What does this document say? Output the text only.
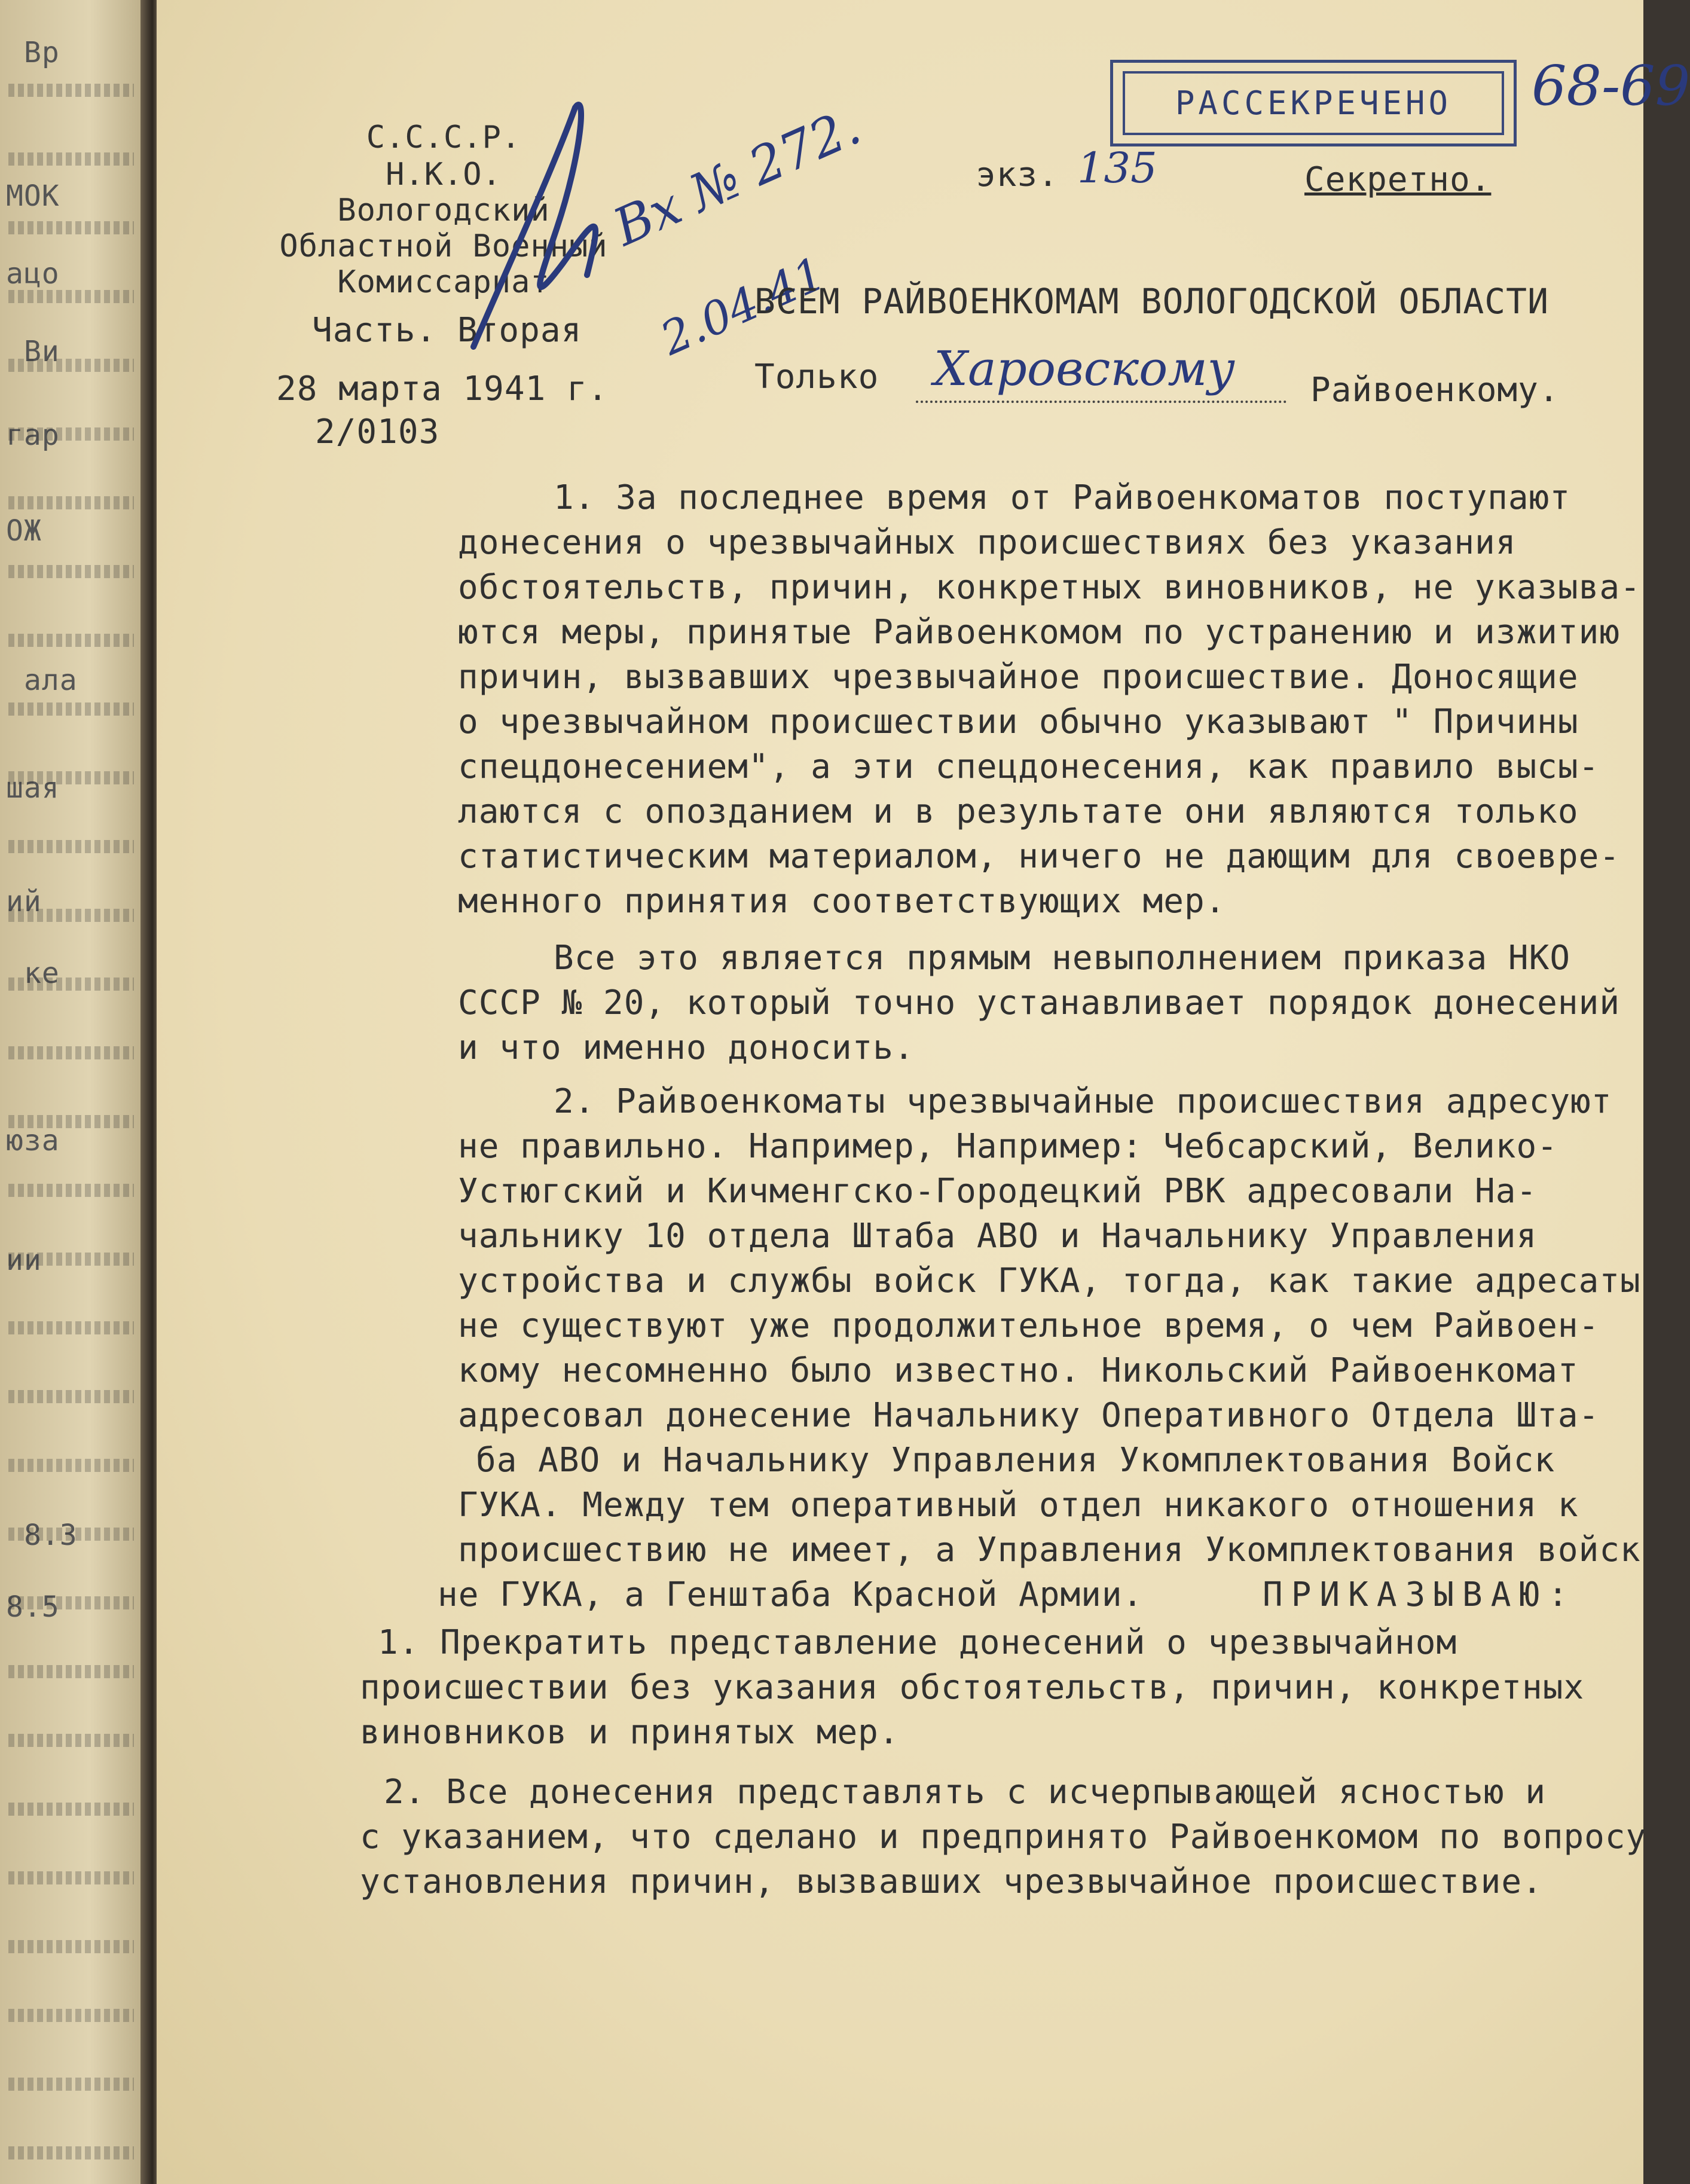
Вр
МОК
ацо
Ви
гар
ОЖ
ала
шая
ий
ке
юза
ии
8.3
8.5
РАССЕКРЕЧЕНО 68-69
С.С.С.Р.
Н.К.О.
Вологодский
Областной Военный
Комиссариат
Часть. Вторая
28 марта 1941 г.
2/0103
Вх № 272.
2.04.41
экз. 135	Секретно.
ВСЕМ РАЙВОЕНКОМАМ ВОЛОГОДСКОЙ ОБЛАСТИ
Только Харовскому Райвоенкому.
1. За последнее время от Райвоенкоматов поступают
донесения о чрезвычайных происшествиях без указания
обстоятельств, причин, конкретных виновников, не указыва-
ются меры, принятые Райвоенкомом по устранению и изжитию
причин, вызвавших чрезвычайное происшествие. Доносящие
о чрезвычайном происшествии обычно указывают " Причины
спецдонесением", а эти спецдонесения, как правило высы-
лаются с опозданием и в результате они являются только
статистическим материалом, ничего не дающим для своевре-
менного принятия соответствующих мер.
Все это является прямым невыполнением приказа НКО
СССР № 20, который точно устанавливает порядок донесений
и что именно доносить.
2. Райвоенкоматы чрезвычайные происшествия адресуют
не правильно. Например, Например: Чебсарский, Велико-
Устюгский и Кичменгско-Городецкий РВК адресовали На-
чальнику 10 отдела Штаба АВО и Начальнику Управления
устройства и службы войск ГУКА, тогда, как такие адресаты
не существуют уже продолжительное время, о чем Райвоен-
кому несомненно было известно. Никольский Райвоенкомат
адресовал донесение Начальнику Оперативного Отдела Шта-
ба АВО и Начальнику Управления Укомплектования Войск
ГУКА. Между тем оперативный отдел никакого отношения к
происшествию не имеет, а Управления Укомплектования войск
не ГУКА, а Генштаба Красной Армии.	ПРИКАЗЫВАЮ:
1. Прекратить представление донесений о чрезвычайном
происшествии без указания обстоятельств, причин, конкретных
виновников и принятых мер.
2. Все донесения представлять с исчерпывающей ясностью и
с указанием, что сделано и предпринято Райвоенкомом по вопросу
установления причин, вызвавших чрезвычайное происшествие.
